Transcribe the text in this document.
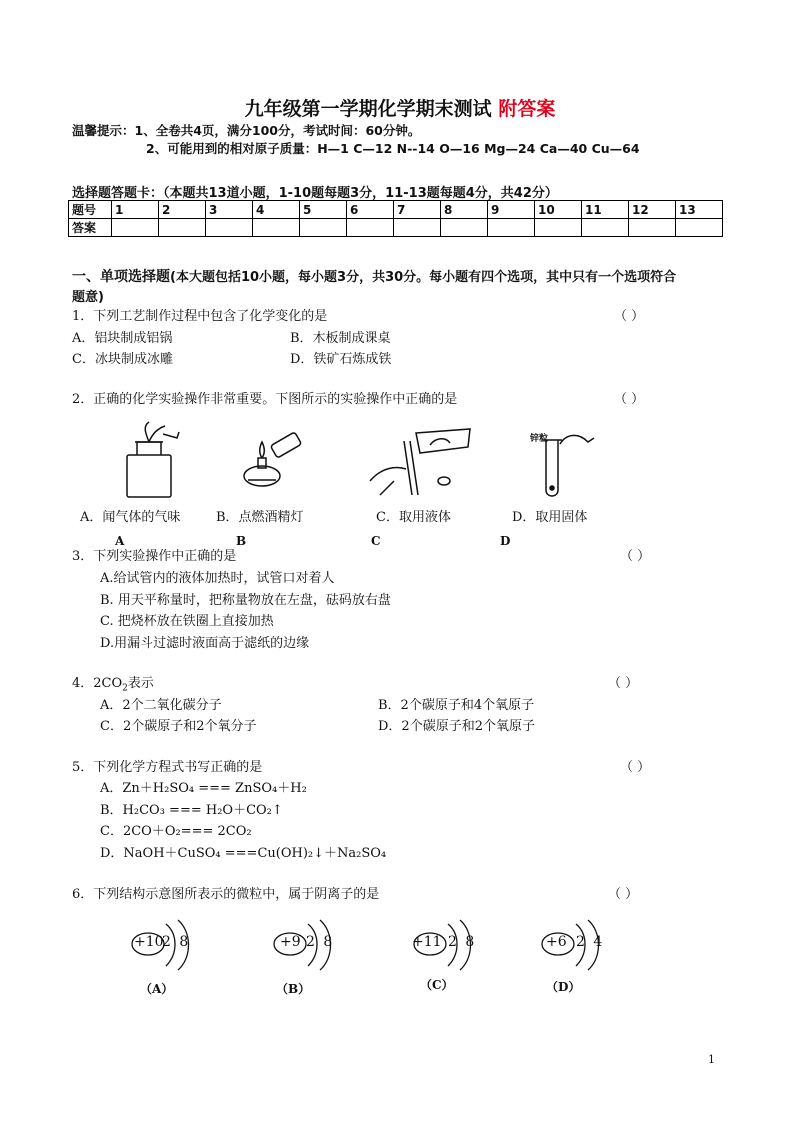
九年级第一学期化学期末测试 附答案
温馨提示：1、全卷共4页，满分100分，考试时间：60分钟。
2、可能用到的相对原子质量：H—1 C—12 N--14 O—16 Mg—24 Ca—40 Cu—64
选择题答题卡：（本题共13道小题，1-10题每题3分，11-13题每题4分，共42分）
题号	1	2	3	4	5	6	7	8	9	10	11	12	13
答案													
一、单项选择题(本大题包括10小题，每小题3分，共30分。每小题有四个选项，其中只有一个选项符合
题意)
1．下列工艺制作过程中包含了化学变化的是	（ ）
A．铝块制成铝锅	B．木板制成课桌
C．冰块制成冰雕	D．铁矿石炼成铁
2．正确的化学实验操作非常重要。下图所示的实验操作中正确的是	（ ）
锌粒
A．闻气体的气味	B．点燃酒精灯	C．取用液体	D．取用固体
A	B	C	D
3．下列实验操作中正确的是	（ ）
A.给试管内的液体加热时，试管口对着人
B. 用天平称量时，把称量物放在左盘，砝码放右盘
C. 把烧杯放在铁圈上直接加热
D.用漏斗过滤时液面高于滤纸的边缘
4．$2CO_2$表示	（ ）
A．2个二氧化碳分子	B．2个碳原子和4个氧原子
C．2个碳原子和2个氧分子	D．2个碳原子和2个氧原子
5．下列化学方程式书写正确的是	（ ）
A．Zn＋H₂SO₄ === ZnSO₄＋H₂
B．H₂CO₃ === H₂O＋CO₂↑
C．2CO＋O₂=== 2CO₂
D．NaOH＋CuSO₄ ===Cu(OH)₂↓＋Na₂SO₄
6．下列结构示意图所表示的微粒中，属于阴离子的是	（ ）
+10
2 8
（A）
+9 2 8
（B）
+11 2 8
（C）
+6 2 4
（D）
1
